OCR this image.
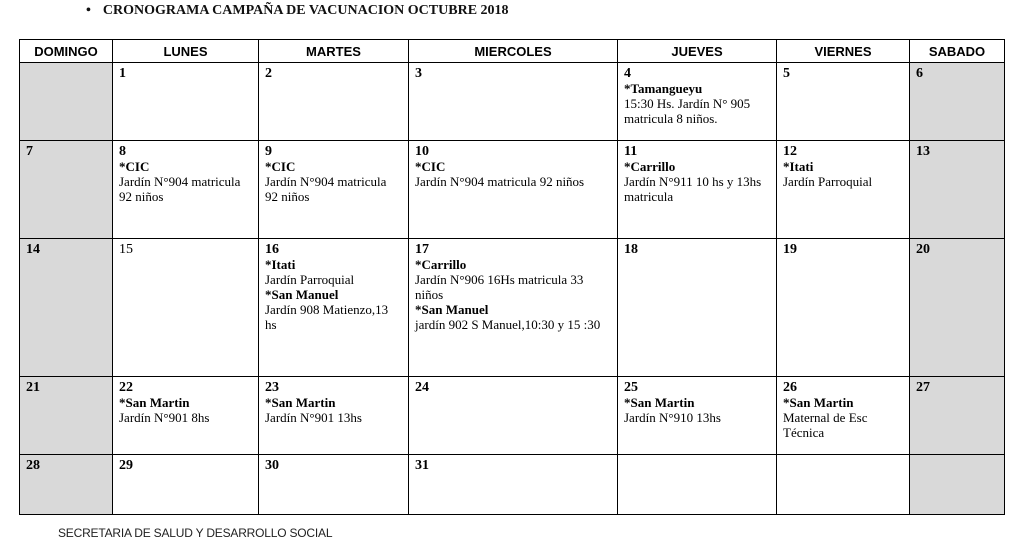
• CRONOGRAMA CAMPAÑA DE VACUNACION OCTUBRE 2018
DOMINGO	LUNES	MARTES	MIERCOLES	JUEVES	VIERNES	SABADO

	1	2	3	4
*Tamangueyu
15:30 Hs. Jardín N° 905 matricula 8 niños.	5	6

7	8
*CIC
Jardín N°904 matricula 92 niños	9
*CIC
Jardín N°904 matricula 92 niños	10
*CIC
Jardín N°904 matricula 92 niños	11
*Carrillo
Jardín N°911 10 hs y 13hs matricula	12
*Itati
Jardín Parroquial	13

14	15	16
*Itati
Jardín Parroquial
*San Manuel
Jardín 908 Matienzo,13 hs	17
*Carrillo
Jardín N°906 16Hs matricula 33 niños
*San Manuel
jardín 902 S Manuel,10:30 y 15 :30	18	19	20

21	22
*San Martin
Jardín N°901 8hs	23
*San Martin
Jardín N°901 13hs	24	25
*San Martin
Jardín N°910 13hs	26
*San Martin
Maternal de Esc Técnica	27

28	29	30	31			

SECRETARIA DE SALUD Y DESARROLLO SOCIAL
